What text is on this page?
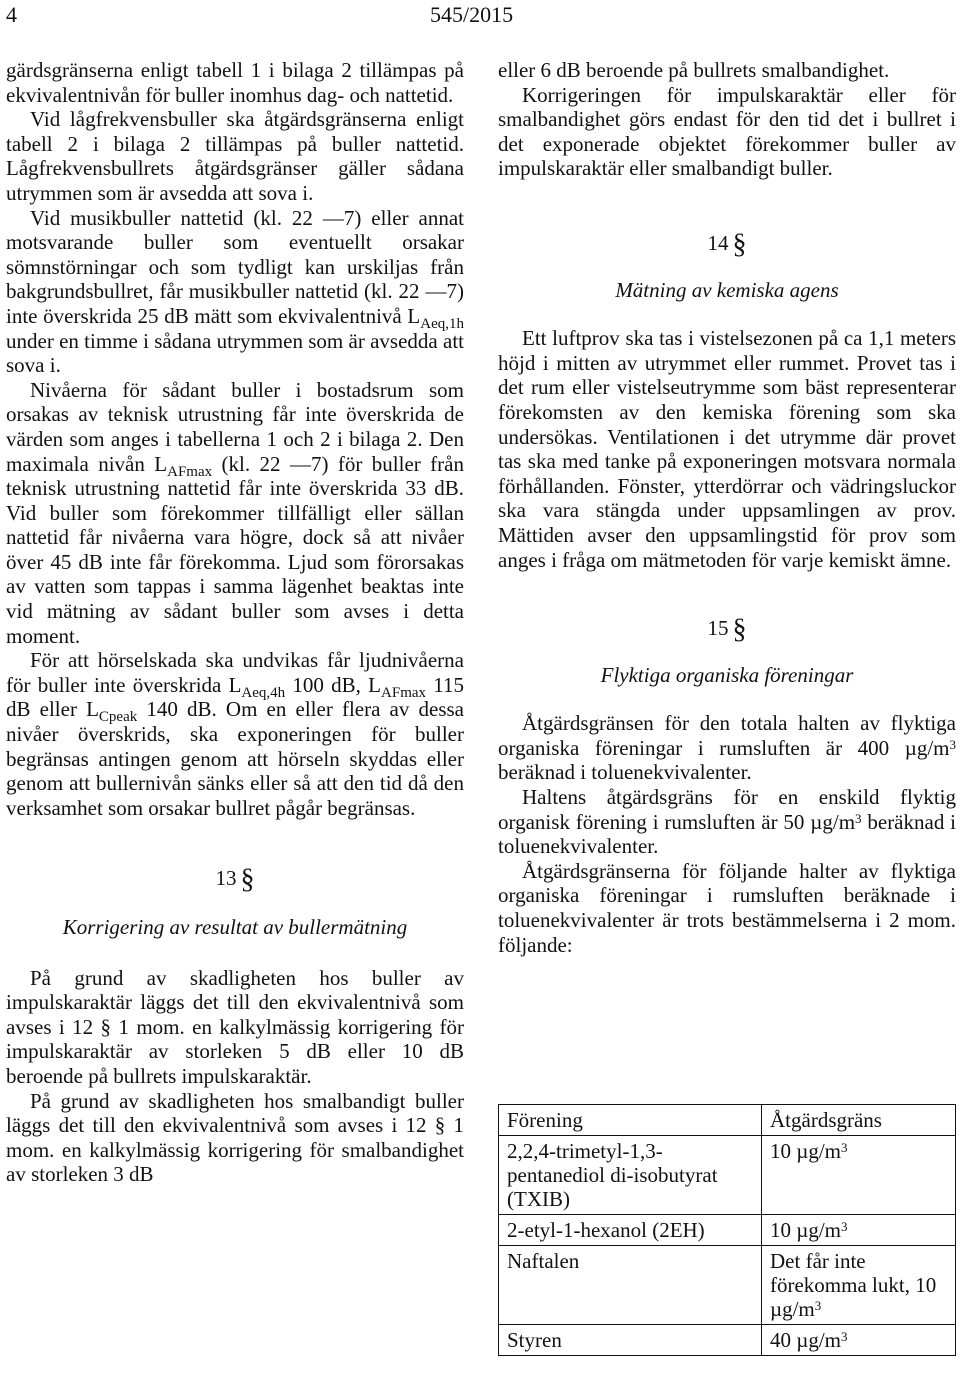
4	545/2015

gärdsgränserna enligt tabell 1 i bilaga 2 tillämpas på ekvivalentnivån för buller inomhus dag- och nattetid.

Vid lågfrekvensbuller ska åtgärdsgränserna enligt tabell 2 i bilaga 2 tillämpas på buller nattetid. Lågfrekvensbullrets åtgärdsgränser gäller sådana utrymmen som är avsedda att sova i.

Vid musikbuller nattetid (kl. 22 —7) eller annat motsvarande buller som eventuellt orsakar sömnstörningar och som tydligt kan urskiljas från bakgrundsbullret, får musikbuller nattetid (kl. 22 —7) inte överskrida 25 dB mätt som ekvivalentnivå $L_{Aeq,1h}$ under en timme i sådana utrymmen som är avsedda att sova i.

Nivåerna för sådant buller i bostadsrum som orsakas av teknisk utrustning får inte överskrida de värden som anges i tabellerna 1 och 2 i bilaga 2. Den maximala nivån $L_{AFmax}$ (kl. 22 —7) för buller från teknisk utrustning nattetid får inte överskrida 33 dB. Vid buller som förekommer tillfälligt eller sällan nattetid får nivåerna vara högre, dock så att nivåer över 45 dB inte får förekomma. Ljud som förorsakas av vatten som tappas i samma lägenhet beaktas inte vid mätning av sådant buller som avses i detta moment.

För att hörselskada ska undvikas får ljudnivåerna för buller inte överskrida $L_{Aeq,4h}$ 100 dB, $L_{AFmax}$ 115 dB eller $L_{Cpeak}$ 140 dB. Om en eller flera av dessa nivåer överskrids, ska exponeringen för buller begränsas antingen genom att hörseln skyddas eller genom att bullernivån sänks eller så att den tid då den verksamhet som orsakar bullret pågår begränsas.

13 §
Korrigering av resultat av bullermätning

På grund av skadligheten hos buller av impulskaraktär läggs det till den ekvivalentnivå som avses i 12 § 1 mom. en kalkylmässig korrigering för impulskaraktär av storleken 5 dB eller 10 dB beroende på bullrets impulskaraktär.

På grund av skadligheten hos smalbandigt buller läggs det till den ekvivalentnivå som avses i 12 § 1 mom. en kalkylmässig korrigering för smalbandighet av storleken 3 dB

eller 6 dB beroende på bullrets smalbandighet.

Korrigeringen för impulskaraktär eller för smalbandighet görs endast för den tid det i bullret i det exponerade objektet förekommer buller av impulskaraktär eller smalbandigt buller.

14 §
Mätning av kemiska agens

Ett luftprov ska tas i vistelsezonen på ca 1,1 meters höjd i mitten av utrymmet eller rummet. Provet tas i det rum eller vistelseutrymme som bäst representerar förekomsten av den kemiska förening som ska undersökas. Ventilationen i det utrymme där provet tas ska med tanke på exponeringen motsvara normala förhållanden. Fönster, ytterdörrar och vädringsluckor ska vara stängda under uppsamlingen av prov. Mättiden avser den uppsamlingstid för prov som anges i fråga om mätmetoden för varje kemiskt ämne.

15 §
Flyktiga organiska föreningar

Åtgärdsgränsen för den totala halten av flyktiga organiska föreningar i rumsluften är 400 $\mu g/m^3$ beräknad i toluenekvivalenter.

Haltens åtgärdsgräns för en enskild flyktig organisk förening i rumsluften är 50 $\mu g/m^3$ beräknad i toluenekvivalenter.

Åtgärdsgränserna för följande halter av flyktiga organiska föreningar i rumsluften beräknade i toluenekvivalenter är trots bestämmelserna i 2 mom. följande:

Förening	Åtgärdsgräns
2,2,4-trimetyl-1,3-pentanediol di-isobutyrat (TXIB)	10 $\mu g/m^3$
2-etyl-1-hexanol (2EH)	10 $\mu g/m^3$
Naftalen	Det får inte förekomma lukt, 10 $\mu g/m^3$
Styren	40 $\mu g/m^3$
